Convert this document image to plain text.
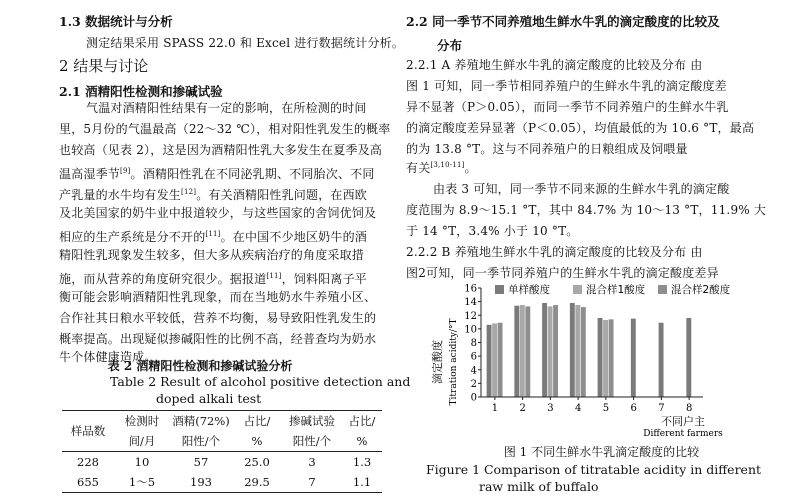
1.3 数据统计与分析
测定结果采用 SPASS 22.0 和 Excel 进行数据统计分析。
2 结果与讨论
2.1 酒精阳性检测和掺碱试验
气温对酒精阳性结果有一定的影响，在所检测的时间
里，5月份的气温最高（22～32 ℃），相对阳性乳发生的概率
也较高（见表 2），这是因为酒精阳性乳大多发生在夏季及高
温高湿季节[9]。酒精阳性乳在不同泌乳期、不同胎次、不同
产乳量的水牛均有发生[12]。有关酒精阳性乳问题，在西欧
及北美国家的奶牛业中报道较少，与这些国家的舍饲优饲及
相应的生产系统是分不开的[11]。在中国不少地区奶牛的酒
精阳性乳现象发生较多，但大多从疾病治疗的角度采取措
施，而从营养的角度研究很少。据报道[11]，饲料阳离子平
衡可能会影响酒精阳性乳现象，而在当地奶水牛养殖小区、
合作社其日粮水平较低，营养不均衡，易导致阳性乳发生的
概率提高。出现疑似掺碱阳性的比例不高，经普查均为奶水
牛个体健康造成。
表 2 酒精阳性检测和掺碱试验分析
Table 2 Result of alcohol positive detection and
doped alkali test
样品数	检测时	酒精(72%)	占比/	掺碱试验	占比/
	间/月	阳性/个	%	阳性/个	%
228	10	57	25.0	3	1.3
655	1～5	193	29.5	7	1.1
2.2 同一季节不同养殖地生鲜水牛乳的滴定酸度的比较及
分布
2.2.1 A 养殖地生鲜水牛乳的滴定酸度的比较及分布 由
图 1 可知，同一季节相同养殖户的生鲜水牛乳的滴定酸度差
异不显著（P＞0.05），而同一季节不同养殖户的生鲜水牛乳
的滴定酸度差异显著（P＜0.05），均值最低的为 10.6 °T，最高
的为 13.8 °T。这与不同养殖户的日粮组成及饲喂量
有关[3,10-11]。
由表 3 可知，同一季节不同来源的生鲜水牛乳的滴定酸
度范围为 8.9～15.1 °T，其中 84.7% 为 10～13 °T，11.9% 大
于 14 °T，3.4% 小于 10 °T。
2.2.2 B 养殖地生鲜水牛乳的滴定酸度的比较及分布 由
图2可知，同一季节同养殖户的生鲜水牛乳的滴定酸度差异
滴定酸度 Titration acidity/°T
单样酸度	混合样1酸度 混合样2酸度
0
2
4
6
8
10
12
14
16
1 2 3 4 5 6 7 8
不同户主
Different farmers
图 1 不同生鲜水牛乳滴定酸度的比较
Figure 1 Comparison of titratable acidity in different
raw milk of buffalo
